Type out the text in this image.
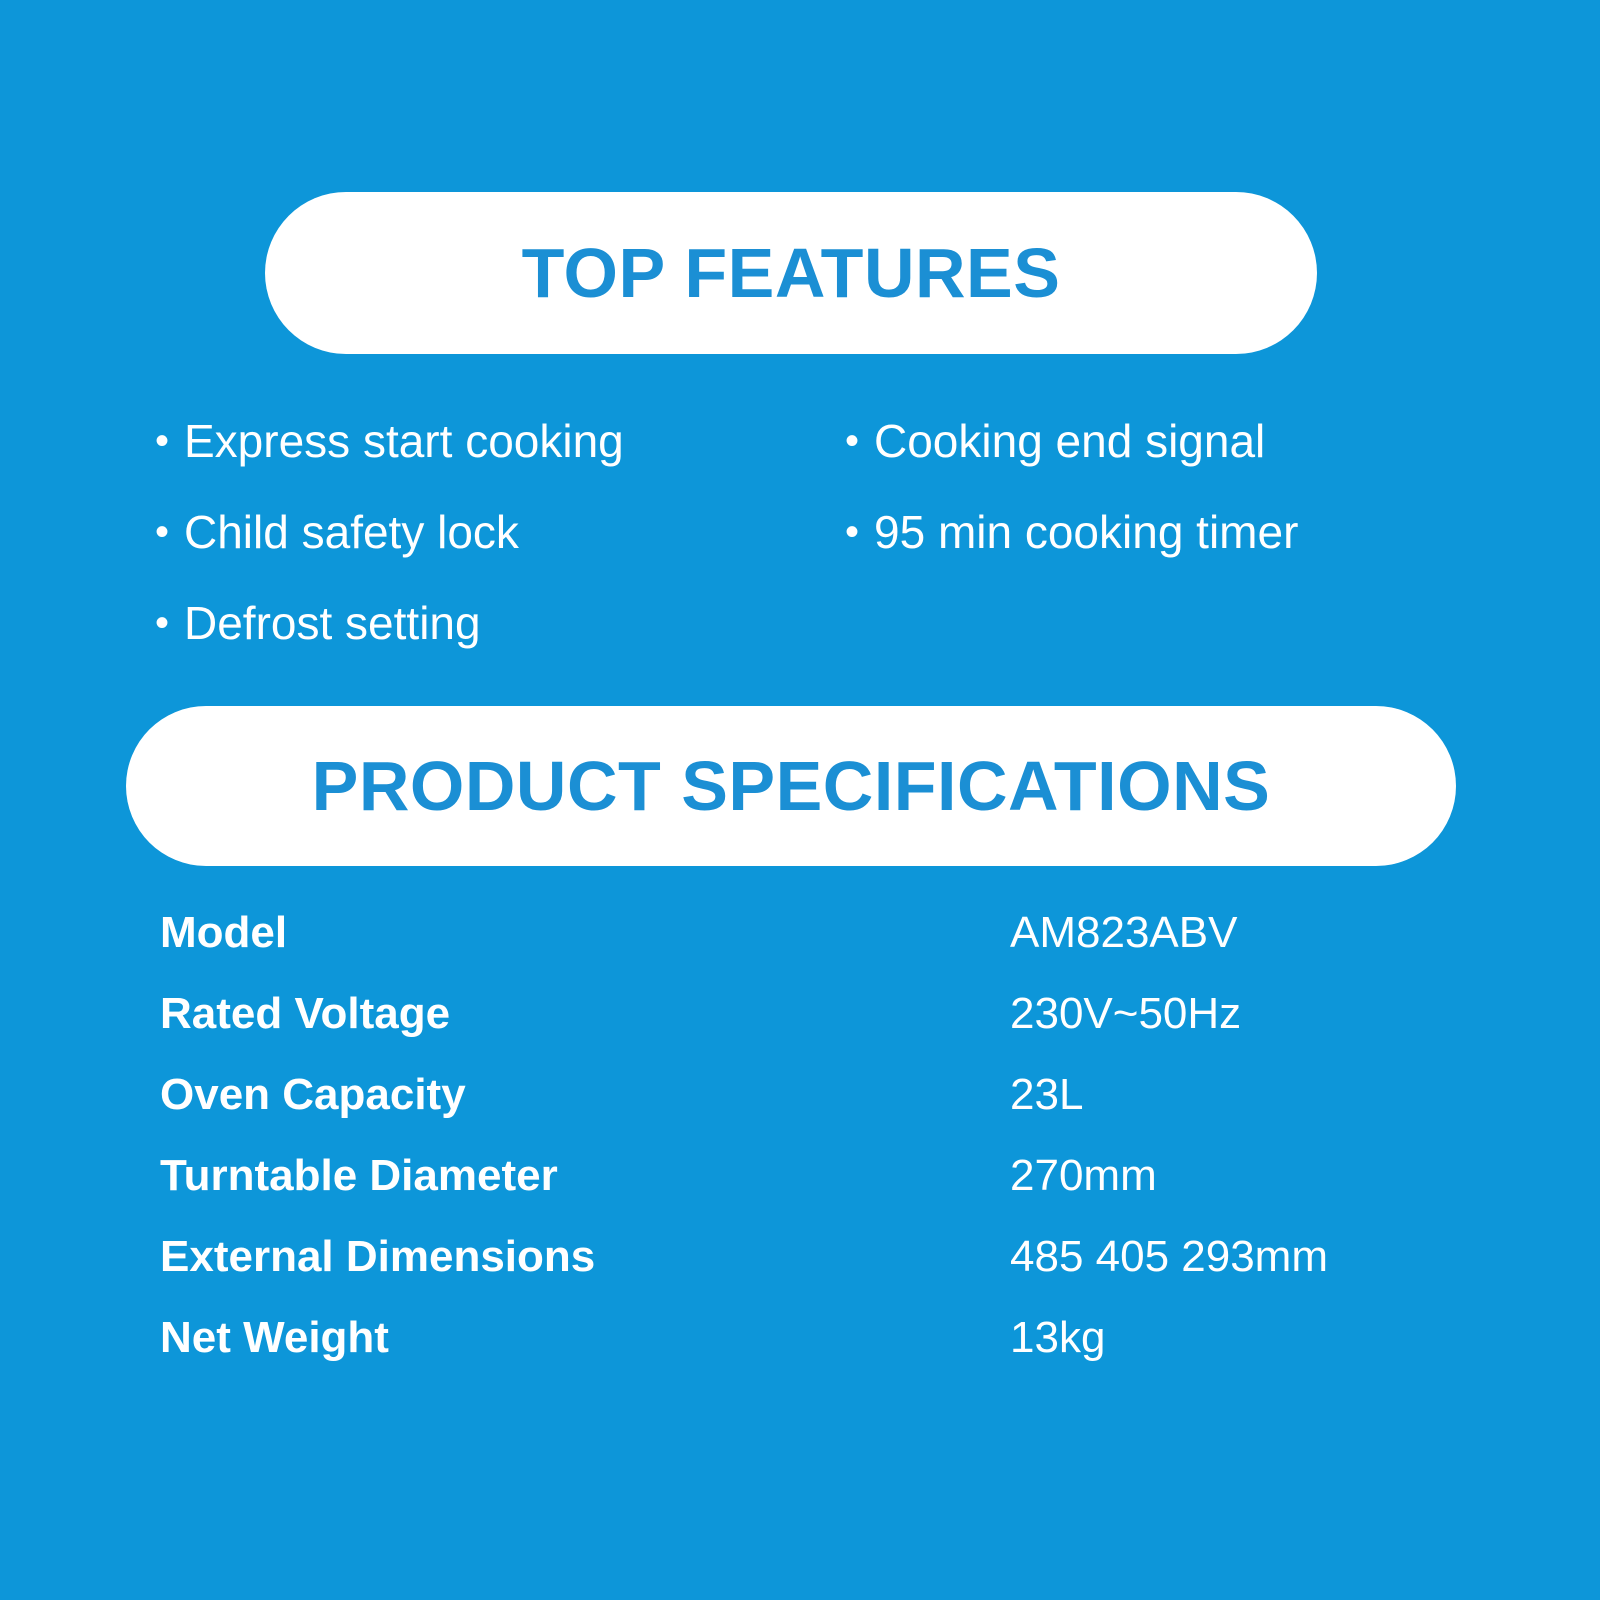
TOP FEATURES
• Express start cooking
• Child safety lock
• Defrost setting
• Cooking end signal
• 95 min cooking timer
PRODUCT SPECIFICATIONS
Model	AM823ABV
Rated Voltage	230V~50Hz
Oven Capacity	23L
Turntable Diameter	270mm
External Dimensions	485 405 293mm
Net Weight	13kg
